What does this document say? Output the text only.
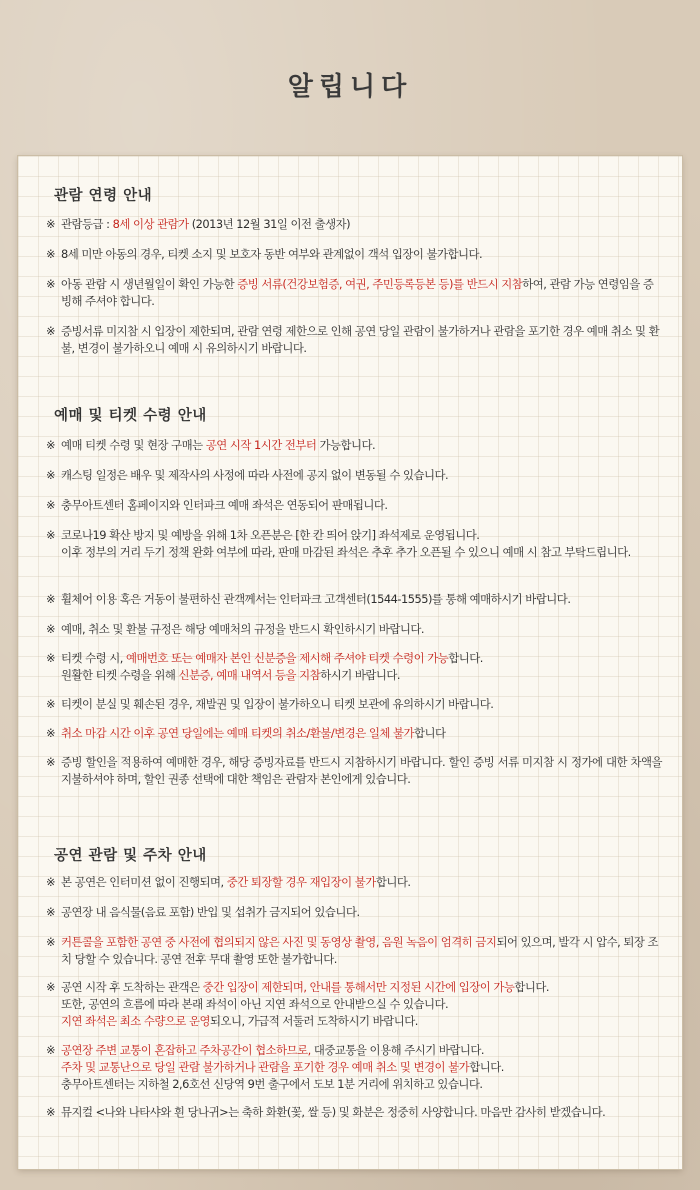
알립니다
관람 연령 안내
※ 관람등급 : 8세 이상 관람가 (2013년 12월 31일 이전 출생자)
※ 8세 미만 아동의 경우, 티켓 소지 및 보호자 동반 여부와 관계없이 객석 입장이 불가합니다.
※ 아동 관람 시 생년월일이 확인 가능한 증빙 서류(건강보험증, 여권, 주민등록등본 등)를 반드시 지참하여, 관람 가능 연령임을 증빙해 주셔야 합니다.
※ 증빙서류 미지참 시 입장이 제한되며, 관람 연령 제한으로 인해 공연 당일 관람이 불가하거나 관람을 포기한 경우 예매 취소 및 환불, 변경이 불가하오니 예매 시 유의하시기 바랍니다.
예매 및 티켓 수령 안내
※ 예매 티켓 수령 및 현장 구매는 공연 시작 1시간 전부터 가능합니다.
※ 캐스팅 일정은 배우 및 제작사의 사정에 따라 사전에 공지 없이 변동될 수 있습니다.
※ 충무아트센터 홈페이지와 인터파크 예매 좌석은 연동되어 판매됩니다.
※ 코로나19 확산 방지 및 예방을 위해 1차 오픈분은 [한 칸 띄어 앉기] 좌석제로 운영됩니다.
이후 정부의 거리 두기 정책 완화 여부에 따라, 판매 마감된 좌석은 추후 추가 오픈될 수 있으니 예매 시 참고 부탁드립니다.
※ 휠체어 이용 혹은 거동이 불편하신 관객께서는 인터파크 고객센터(1544-1555)를 통해 예매하시기 바랍니다.
※ 예매, 취소 및 환불 규정은 해당 예매처의 규정을 반드시 확인하시기 바랍니다.
※ 티켓 수령 시, 예매번호 또는 예매자 본인 신분증을 제시해 주셔야 티켓 수령이 가능합니다.
원활한 티켓 수령을 위해 신분증, 예매 내역서 등을 지참하시기 바랍니다.
※ 티켓이 분실 및 훼손된 경우, 재발권 및 입장이 불가하오니 티켓 보관에 유의하시기 바랍니다.
※ 취소 마감 시간 이후 공연 당일에는 예매 티켓의 취소/환불/변경은 일체 불가합니다
※ 증빙 할인을 적용하여 예매한 경우, 해당 증빙자료를 반드시 지참하시기 바랍니다. 할인 증빙 서류 미지참 시 정가에 대한 차액을 지불하셔야 하며, 할인 권종 선택에 대한 책임은 관람자 본인에게 있습니다.
공연 관람 및 주차 안내
※ 본 공연은 인터미션 없이 진행되며, 중간 퇴장할 경우 재입장이 불가합니다.
※ 공연장 내 음식물(음료 포함) 반입 및 섭취가 금지되어 있습니다.
※ 커튼콜을 포함한 공연 중 사전에 협의되지 않은 사진 및 동영상 촬영, 음원 녹음이 엄격히 금지되어 있으며, 발각 시 압수, 퇴장 조치 당할 수 있습니다. 공연 전후 무대 촬영 또한 불가합니다.
※ 공연 시작 후 도착하는 관객은 중간 입장이 제한되며, 안내를 통해서만 지정된 시간에 입장이 가능합니다.
또한, 공연의 흐름에 따라 본래 좌석이 아닌 지연 좌석으로 안내받으실 수 있습니다.
지연 좌석은 최소 수량으로 운영되오니, 가급적 서둘러 도착하시기 바랍니다.
※ 공연장 주변 교통이 혼잡하고 주차공간이 협소하므로, 대중교통을 이용해 주시기 바랍니다.
주차 및 교통난으로 당일 관람 불가하거나 관람을 포기한 경우 예매 취소 및 변경이 불가합니다.
충무아트센터는 지하철 2,6호선 신당역 9번 출구에서 도보 1분 거리에 위치하고 있습니다.
※ 뮤지컬 <나와 나타샤와 흰 당나귀>는 축하 화환(꽃, 쌀 등) 및 화분은 정중히 사양합니다. 마음만 감사히 받겠습니다.
